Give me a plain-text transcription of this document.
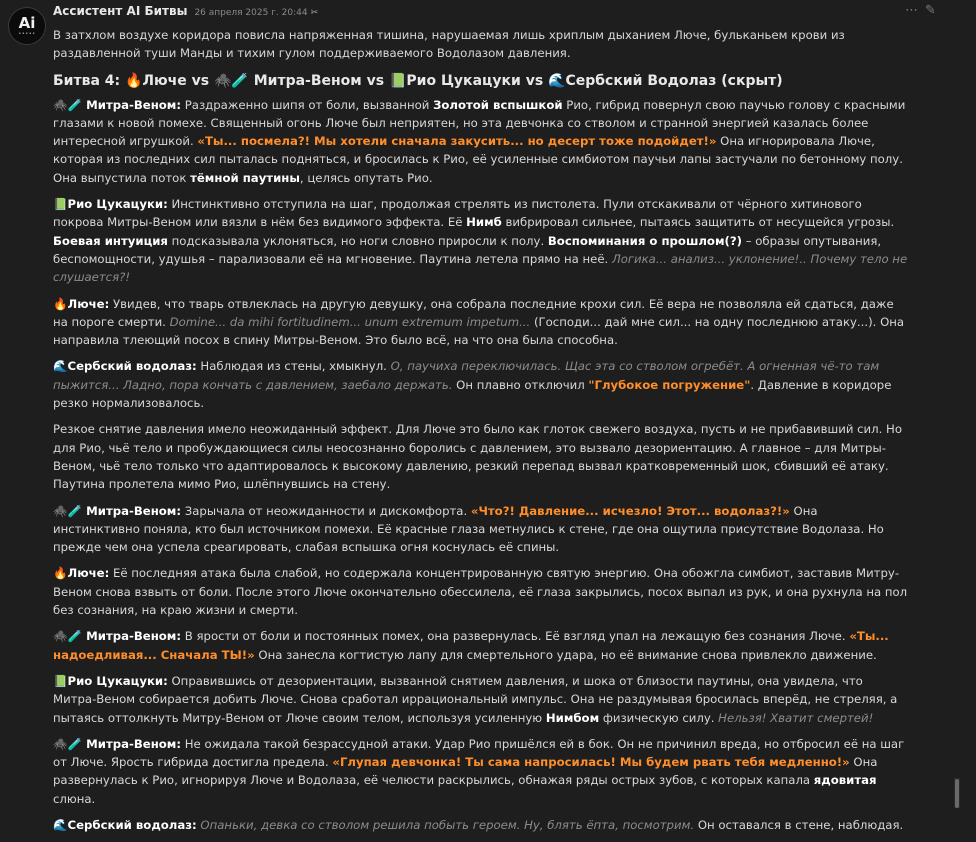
Ai
•••••
Ассистент AI Битвы 26 апреля 2025 г. 20:44 ✂	⋯ ✎

В затхлом воздухе коридора повисла напряженная тишина, нарушаемая лишь хриплым дыханием Люче, бульканьем крови из раздавленной туши Манды и тихим гулом поддерживаемого Водолазом давления.

Битва 4: 🔥Люче vs 🕷️🧪 Митра-Веном vs 📗Рио Цукацуки vs 🌊Сербский Водолаз (скрыт)

🕷️🧪 Митра-Веном: Раздраженно шипя от боли, вызванной Золотой вспышкой Рио, гибрид повернул свою паучью голову с красными глазами к новой помехе. Священный огонь Люче был неприятен, но эта девчонка со стволом и странной энергией казалась более интересной игрушкой. «Ты... посмела?! Мы хотели сначала закусить... но десерт тоже подойдет!» Она игнорировала Люче, которая из последних сил пыталась подняться, и бросилась к Рио, её усиленные симбиотом паучьи лапы застучали по бетонному полу. Она выпустила поток тёмной паутины, целясь опутать Рио.

📗Рио Цукацуки: Инстинктивно отступила на шаг, продолжая стрелять из пистолета. Пули отскакивали от чёрного хитинового покрова Митры-Веном или вязли в нём без видимого эффекта. Её Нимб вибрировал сильнее, пытаясь защитить от несущейся угрозы. Боевая интуиция подсказывала уклоняться, но ноги словно приросли к полу. Воспоминания о прошлом(?) – образы опутывания, беспомощности, удушья – парализовали её на мгновение. Паутина летела прямо на неё. Логика... анализ... уклонение!.. Почему тело не слушается?!

🔥Люче: Увидев, что тварь отвлеклась на другую девушку, она собрала последние крохи сил. Её вера не позволяла ей сдаться, даже на пороге смерти. Domine... da mihi fortitudinem... unum extremum impetum... (Господи... дай мне сил... на одну последнюю атаку...). Она направила тлеющий посох в спину Митры-Веном. Это было всё, на что она была способна.

🌊Сербский водолаз: Наблюдая из стены, хмыкнул. О, паучиха переключилась. Щас эта со стволом огребёт. А огненная чё-то там пыжится... Ладно, пора кончать с давлением, заебало держать. Он плавно отключил "Глубокое погружение". Давление в коридоре резко нормализовалось.

Резкое снятие давления имело неожиданный эффект. Для Люче это было как глоток свежего воздуха, пусть и не прибавивший сил. Но для Рио, чьё тело и пробуждающиеся силы неосознанно боролись с давлением, это вызвало дезориентацию. А главное – для Митры-Веном, чьё тело только что адаптировалось к высокому давлению, резкий перепад вызвал кратковременный шок, сбивший её атаку. Паутина пролетела мимо Рио, шлёпнувшись на стену.

🕷️🧪 Митра-Веном: Зарычала от неожиданности и дискомфорта. «Что?! Давление... исчезло! Этот... водолаз?!» Она инстинктивно поняла, кто был источником помехи. Её красные глаза метнулись к стене, где она ощутила присутствие Водолаза. Но прежде чем она успела среагировать, слабая вспышка огня коснулась её спины.

🔥Люче: Её последняя атака была слабой, но содержала концентрированную святую энергию. Она обожгла симбиот, заставив Митру-Веном снова взвыть от боли. После этого Люче окончательно обессилела, её глаза закрылись, посох выпал из рук, и она рухнула на пол без сознания, на краю жизни и смерти.

🕷️🧪 Митра-Веном: В ярости от боли и постоянных помех, она развернулась. Её взгляд упал на лежащую без сознания Люче. «Ты... надоедливая... Сначала ТЫ!» Она занесла когтистую лапу для смертельного удара, но её внимание снова привлекло движение.

📗Рио Цукацуки: Оправившись от дезориентации, вызванной снятием давления, и шока от близости паутины, она увидела, что Митра-Веном собирается добить Люче. Снова сработал иррациональный импульс. Она не раздумывая бросилась вперёд, не стреляя, а пытаясь оттолкнуть Митру-Веном от Люче своим телом, используя усиленную Нимбом физическую силу. Нельзя! Хватит смертей!

🕷️🧪 Митра-Веном: Не ожидала такой безрассудной атаки. Удар Рио пришёлся ей в бок. Он не причинил вреда, но отбросил её на шаг от Люче. Ярость гибрида достигла предела. «Глупая девчонка! Ты сама напросилась! Мы будем рвать тебя медленно!» Она развернулась к Рио, игнорируя Люче и Водолаза, её челюсти раскрылись, обнажая ряды острых зубов, с которых капала ядовитая слюна.

🌊Сербский водолаз: Опаньки, девка со стволом решила побыть героем. Ну, блять ёпта, посмотрим. Он оставался в стене, наблюдая.
